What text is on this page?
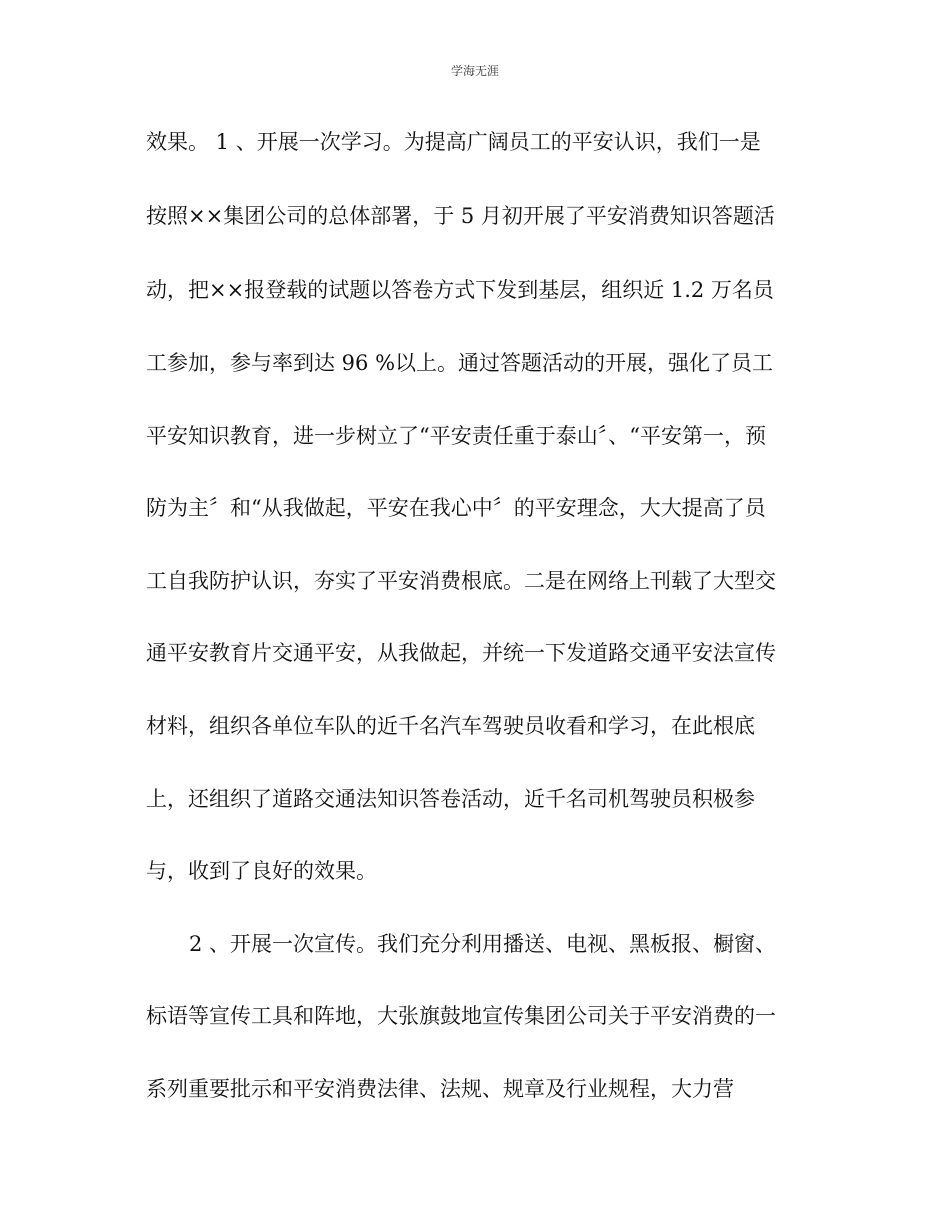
学海无涯
效果。 1 、开展一次学习。为提高广阔员工的平安认识，我们一是
按照××集团公司的总体部署，于 5 月初开展了平安消费知识答题活
动，把××报登载的试题以答卷方式下发到基层，组织近 1.2 万名员
工参加，参与率到达 96 %以上。通过答题活动的开展，强化了员工
平安知识教育，进一步树立了“平安责任重于泰山〞、“平安第一，预
防为主〞和“从我做起，平安在我心中〞的平安理念，大大提高了员
工自我防护认识，夯实了平安消费根底。二是在网络上刊载了大型交
通平安教育片交通平安，从我做起，并统一下发道路交通平安法宣传
材料，组织各单位车队的近千名汽车驾驶员收看和学习，在此根底
上，还组织了道路交通法知识答卷活动，近千名司机驾驶员积极参
与，收到了良好的效果。
2 、开展一次宣传。我们充分利用播送、电视、黑板报、橱窗、
标语等宣传工具和阵地，大张旗鼓地宣传集团公司关于平安消费的一
系列重要批示和平安消费法律、法规、规章及行业规程，大力营
